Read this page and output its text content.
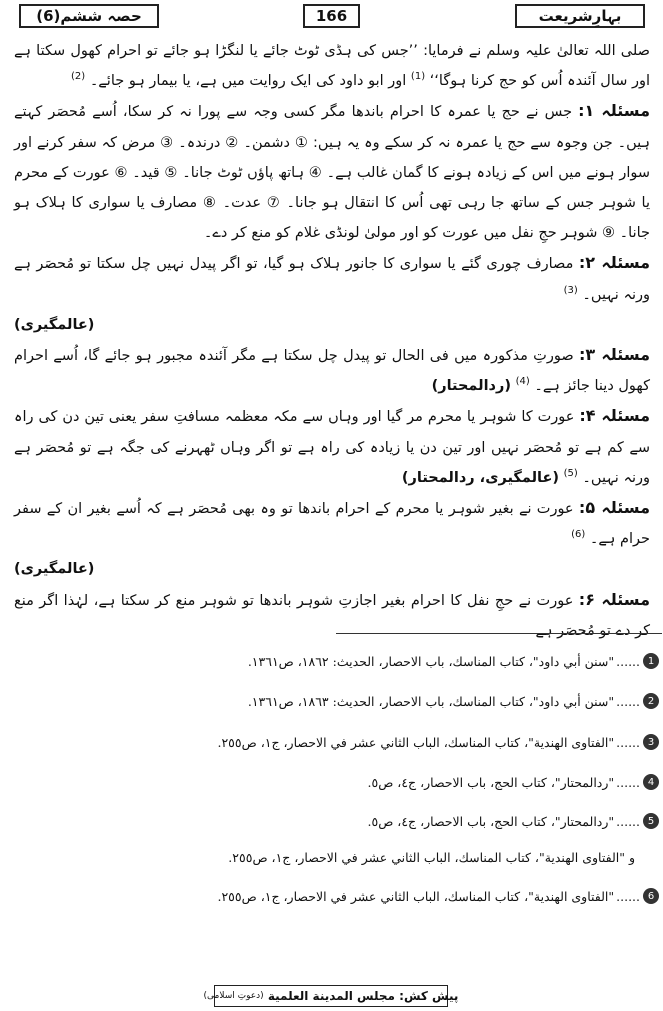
حصہ ششم(6)	166	بہارِشریعت

صلی اللہ تعالیٰ علیہ وسلم نے فرمایا: ’’جس کی ہڈی ٹوٹ جائے یا لنگڑا ہو جائے تو احرام کھول سکتا ہے اور سال آئندہ اُس کو حج کرنا ہوگا‘‘ $^{(1)}$ اور ابو داود کی ایک روایت میں ہے، یا بیمار ہو جائے۔ $^{(2)}$

مسئلہ ۱: جس نے حج یا عمرہ کا احرام باندھا مگر کسی وجہ سے پورا نہ کر سکا، اُسے مُحصَر کہتے ہیں۔ جن وجوہ سے حج یا عمرہ نہ کر سکے وہ یہ ہیں: ① دشمن۔ ② درندہ۔ ③ مرض کہ سفر کرنے اور سوار ہونے میں اس کے زیادہ ہونے کا گمان غالب ہے۔ ④ ہاتھ پاؤں ٹوٹ جانا۔ ⑤ قید۔ ⑥ عورت کے محرم یا شوہر جس کے ساتھ جا رہی تھی اُس کا انتقال ہو جانا۔ ⑦ عدت۔ ⑧ مصارف یا سواری کا ہلاک ہو جانا۔ ⑨ شوہر حجِ نفل میں عورت کو اور مولیٰ لونڈی غلام کو منع کر دے۔

مسئلہ ۲: مصارف چوری گئے یا سواری کا جانور ہلاک ہو گیا، تو اگر پیدل نہیں چل سکتا تو مُحصَر ہے ورنہ نہیں۔ $^{(3)}$

(عالمگیری)

مسئلہ ۳: صورتِ مذکورہ میں فی الحال تو پیدل چل سکتا ہے مگر آئندہ مجبور ہو جائے گا، اُسے احرام کھول دینا جائز ہے۔ $^{(4)}$ (ردالمحتار)

مسئلہ ۴: عورت کا شوہر یا محرم مر گیا اور وہاں سے مکہ معظمہ مسافتِ سفر یعنی تین دن کی راہ سے کم ہے تو مُحصَر نہیں اور تین دن یا زیادہ کی راہ ہے تو اگر وہاں ٹھہرنے کی جگہ ہے تو مُحصَر ہے ورنہ نہیں۔ $^{(5)}$ (عالمگیری، ردالمحتار)

مسئلہ ۵: عورت نے بغیر شوہر یا محرم کے احرام باندھا تو وہ بھی مُحصَر ہے کہ اُسے بغیر ان کے سفر حرام ہے۔ $^{(6)}$

(عالمگیری)

مسئلہ ۶: عورت نے حجِ نفل کا احرام بغیر اجازتِ شوہر باندھا تو شوہر منع کر سکتا ہے، لہٰذا اگر منع کر دے تو مُحصَر ہے

1
......
"سنن أبي داود"، كتاب المناسك، باب الاحصار، الحديث: ١٨٦٢، ص١٣٦١.
2
......
"سنن أبي داود"، كتاب المناسك، باب الاحصار، الحديث: ١٨٦٣، ص١٣٦١.
3
......
"الفتاوى الهندية"، كتاب المناسك، الباب الثاني عشر في الاحصار، ج١، ص٢٥٥.
4
......
"ردالمحتار"، كتاب الحج، باب الاحصار، ج٤، ص٥.
5
......
"ردالمحتار"، كتاب الحج، باب الاحصار، ج٤، ص٥.
و "الفتاوى الهندية"، كتاب المناسك، الباب الثاني عشر في الاحصار، ج١، ص٢٥٥.
6
......
"الفتاوى الهندية"، كتاب المناسك، الباب الثاني عشر في الاحصار، ج١، ص٢٥٥.
پیش کش:

مجلس المدينة العلمية

(دعوتِ اسلامی)
